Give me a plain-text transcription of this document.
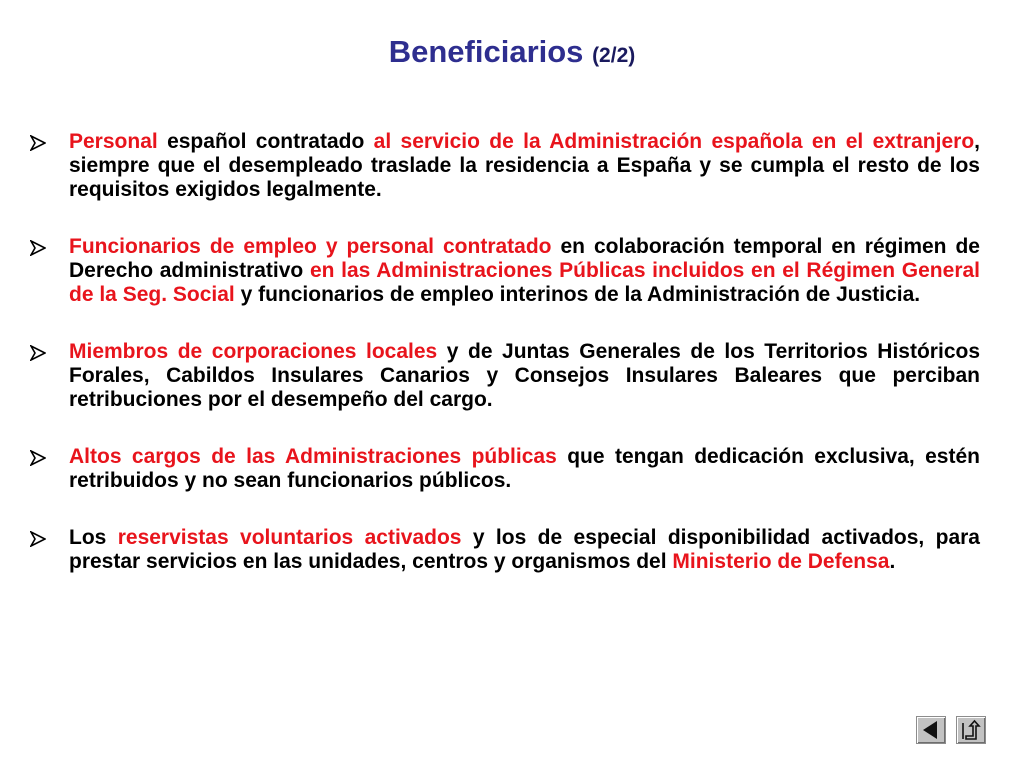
Beneficiarios (2/2)
Personal español contratado al servicio de la Administración española en el extranjero, siempre que el desempleado traslade la residencia a España y se cumpla el resto de los requisitos exigidos legalmente.
Funcionarios de empleo y personal contratado en colaboración temporal en régimen de Derecho administrativo en las Administraciones Públicas incluidos en el Régimen General de la Seg. Social y funcionarios de empleo interinos de la Administración de Justicia.
Miembros de corporaciones locales y de Juntas Generales de los Territorios Históricos Forales, Cabildos Insulares Canarios y Consejos Insulares Baleares que perciban retribuciones por el desempeño del cargo.
Altos cargos de las Administraciones públicas que tengan dedicación exclusiva, estén retribuidos y no sean funcionarios públicos.
Los reservistas voluntarios activados y los de especial disponibilidad activados, para prestar servicios en las unidades, centros y organismos del Ministerio de Defensa.
